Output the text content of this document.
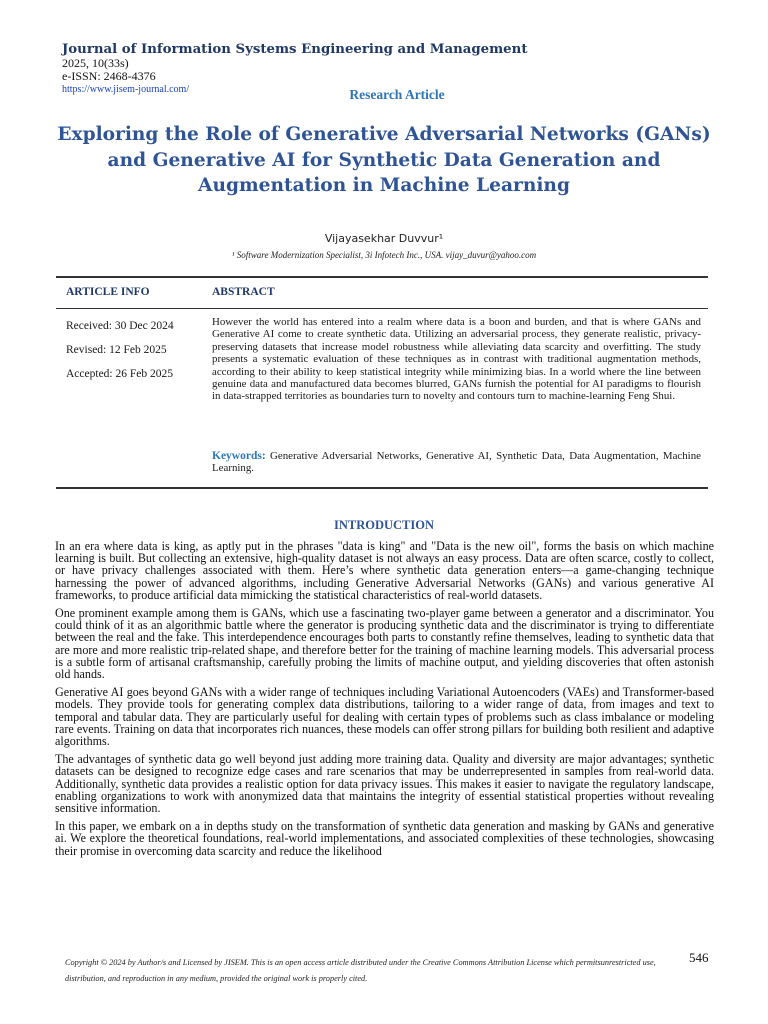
Journal of Information Systems Engineering and Management
2025, 10(33s)
e-ISSN: 2468-4376
https://www.jisem-journal.com/	Research Article
Exploring the Role of Generative Adversarial Networks (GANs) and Generative AI for Synthetic Data Generation and Augmentation in Machine Learning
Vijayasekhar Duvvur¹
¹ Software Modernization Specialist, 3i Infotech Inc., USA. vijay_duvur@yahoo.com
ARTICLE INFO	ABSTRACT
Received: 30 Dec 2024
Revised: 12 Feb 2025
Accepted: 26 Feb 2025

However the world has entered into a realm where data is a boon and burden, and that is where GANs and Generative AI come to create synthetic data. Utilizing an adversarial process, they generate realistic, privacy-preserving datasets that increase model robustness while alleviating data scarcity and overfitting. The study presents a systematic evaluation of these techniques as in contrast with traditional augmentation methods, according to their ability to keep statistical integrity while minimizing bias. In a world where the line between genuine data and manufactured data becomes blurred, GANs furnish the potential for AI paradigms to flourish in data-strapped territories as boundaries turn to novelty and contours turn to machine-learning Feng Shui.

Keywords: Generative Adversarial Networks, Generative AI, Synthetic Data, Data Augmentation, Machine Learning.

INTRODUCTION

In an era where data is king, as aptly put in the phrases "data is king" and "Data is the new oil", forms the basis on which machine learning is built. But collecting an extensive, high-quality dataset is not always an easy process. Data are often scarce, costly to collect, or have privacy challenges associated with them. Here’s where synthetic data generation enters—a game-changing technique harnessing the power of advanced algorithms, including Generative Adversarial Networks (GANs) and various generative AI frameworks, to produce artificial data mimicking the statistical characteristics of real-world datasets.

One prominent example among them is GANs, which use a fascinating two-player game between a generator and a discriminator. You could think of it as an algorithmic battle where the generator is producing synthetic data and the discriminator is trying to differentiate between the real and the fake. This interdependence encourages both parts to constantly refine themselves, leading to synthetic data that are more and more realistic trip-related shape, and therefore better for the training of machine learning models. This adversarial process is a subtle form of artisanal craftsmanship, carefully probing the limits of machine output, and yielding discoveries that often astonish old hands.

Generative AI goes beyond GANs with a wider range of techniques including Variational Autoencoders (VAEs) and Transformer-based models. They provide tools for generating complex data distributions, tailoring to a wider range of data, from images and text to temporal and tabular data. They are particularly useful for dealing with certain types of problems such as class imbalance or modeling rare events. Training on data that incorporates rich nuances, these models can offer strong pillars for building both resilient and adaptive algorithms.

The advantages of synthetic data go well beyond just adding more training data. Quality and diversity are major advantages; synthetic datasets can be designed to recognize edge cases and rare scenarios that may be underrepresented in samples from real-world data. Additionally, synthetic data provides a realistic option for data privacy issues. This makes it easier to navigate the regulatory landscape, enabling organizations to work with anonymized data that maintains the integrity of essential statistical properties without revealing sensitive information.

In this paper, we embark on a in depths study on the transformation of synthetic data generation and masking by GANs and generative ai. We explore the theoretical foundations, real-world implementations, and associated complexities of these technologies, showcasing their promise in overcoming data scarcity and reduce the likelihood

Copyright © 2024 by Author/s and Licensed by JISEM. This is an open access article distributed under the Creative Commons Attribution License which permitsunrestricted use, distribution, and reproduction in any medium, provided the original work is properly cited.

546
